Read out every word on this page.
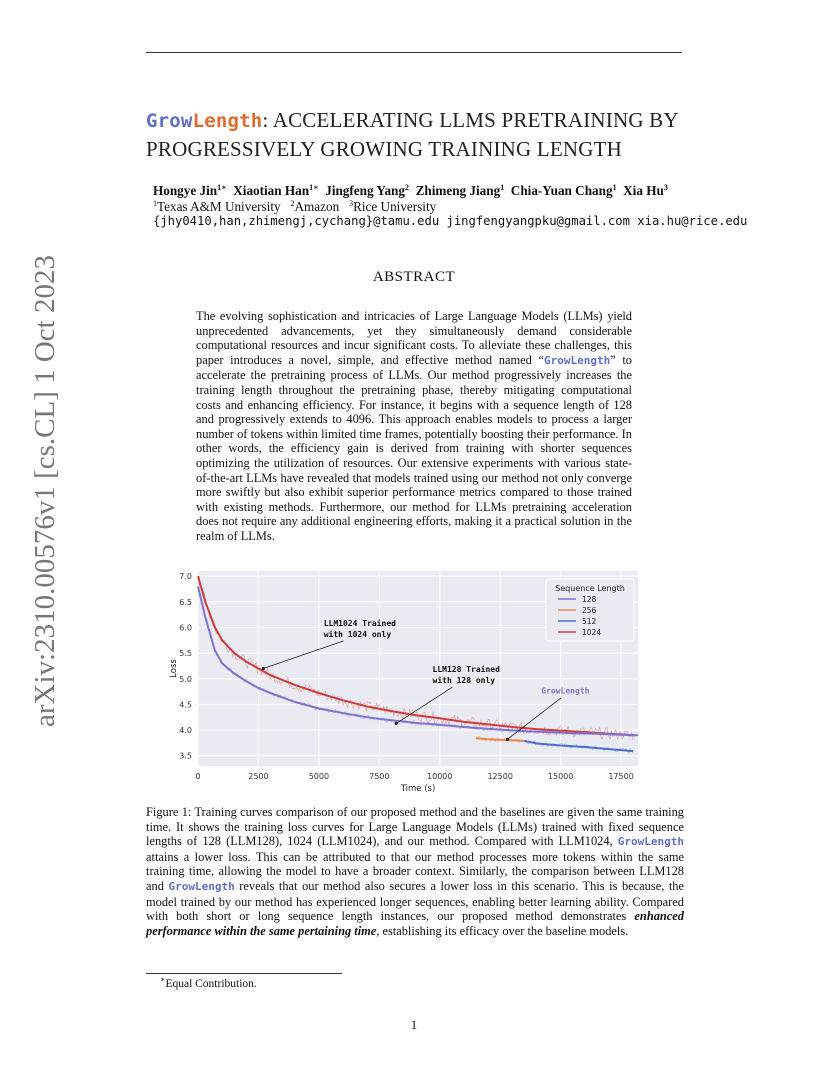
arXiv:2310.00576v1 [cs.CL] 1 Oct 2023
GrowLength: ACCELERATING LLMS PRETRAINING BY
PROGRESSIVELY GROWING TRAINING LENGTH
Hongye Jin$^{1∗}$ Xiaotian Han$^{1∗}$ Jingfeng Yang$^2$ Zhimeng Jiang$^1$ Chia-Yuan Chang$^1$ Xia Hu$^3$
$^1$Texas A&M University $^2$Amazon $^3$Rice University
{jhy0410,han,zhimengj,cychang}@tamu.edu jingfengyangpku@gmail.com xia.hu@rice.edu
ABSTRACT
The evolving sophistication and intricacies of Large Language Models (LLMs) yield unprecedented advancements, yet they simultaneously demand considerable computational resources and incur significant costs. To alleviate these challenges, this paper introduces a novel, simple, and effective method named “GrowLength” to accelerate the pretraining process of LLMs. Our method progressively increases the training length throughout the pretraining phase, thereby mitigating computational costs and enhancing efficiency. For instance, it begins with a sequence length of 128 and progressively extends to 4096. This approach enables models to process a larger number of tokens within limited time frames, potentially boosting their performance. In other words, the efficiency gain is derived from training with shorter sequences optimizing the utilization of resources. Our extensive experiments with various state-of-the-art LLMs have revealed that models trained using our method not only converge more swiftly but also exhibit superior performance metrics compared to those trained with existing methods. Furthermore, our method for LLMs pretraining acceleration does not require any additional engineering efforts, making it a practical solution in the realm of LLMs.
0	2500	5000	7500	10000	12500	15000	17500
3.5
4.0
4.5
5.0
5.5
6.0
6.5
7.0
Time (s)
Loss
Sequence Length
128
256
512
1024
LLM1024 Trained
with 1024 only
LLM128 Trained
with 128 only
GrowLength
Figure 1: Training curves comparison of our proposed method and the baselines are given the same training time. It shows the training loss curves for Large Language Models (LLMs) trained with fixed sequence lengths of 128 (LLM128), 1024 (LLM1024), and our method. Compared with LLM1024, GrowLength attains a lower loss. This can be attributed to that our method processes more tokens within the same training time, allowing the model to have a broader context. Similarly, the comparison between LLM128 and GrowLength reveals that our method also secures a lower loss in this scenario. This is because, the model trained by our method has experienced longer sequences, enabling better learning ability. Compared with both short or long sequence length instances, our proposed method demonstrates enhanced performance within the same pertaining time, establishing its efficacy over the baseline models.
∗Equal Contribution.
1
